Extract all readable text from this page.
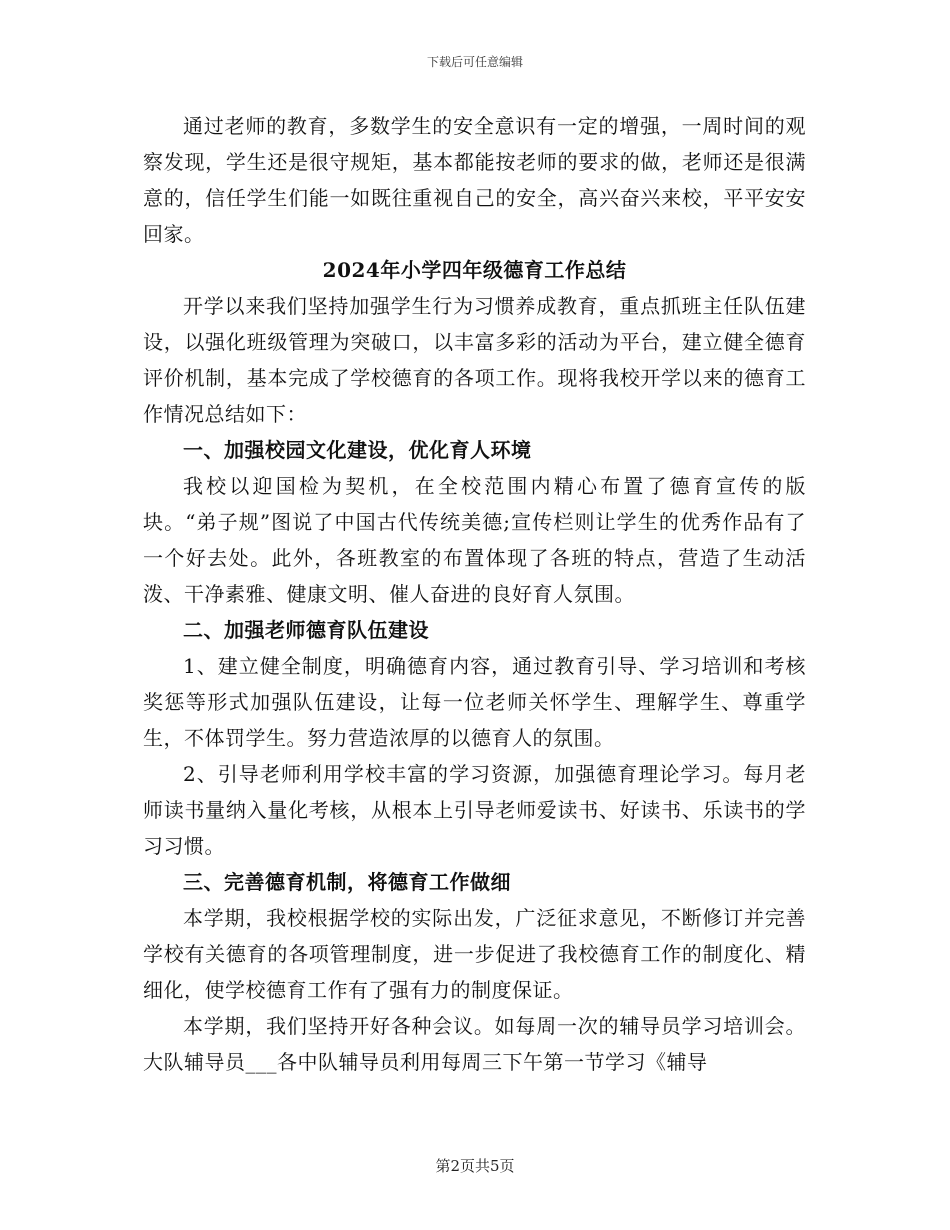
下载后可任意编辑

通过老师的教育，多数学生的安全意识有一定的增强，一周时间的观察发现，学生还是很守规矩，基本都能按老师的要求的做，老师还是很满意的，信任学生们能一如既往重视自己的安全，高兴奋兴来校，平平安安回家。

2024年小学四年级德育工作总结

开学以来我们坚持加强学生行为习惯养成教育，重点抓班主任队伍建设，以强化班级管理为突破口，以丰富多彩的活动为平台，建立健全德育评价机制，基本完成了学校德育的各项工作。现将我校开学以来的德育工作情况总结如下：

一、加强校园文化建设，优化育人环境

我校以迎国检为契机，在全校范围内精心布置了德育宣传的版块。“弟子规”图说了中国古代传统美德;宣传栏则让学生的优秀作品有了一个好去处。此外，各班教室的布置体现了各班的特点，营造了生动活泼、干净素雅、健康文明、催人奋进的良好育人氛围。

二、加强老师德育队伍建设

1、建立健全制度，明确德育内容，通过教育引导、学习培训和考核奖惩等形式加强队伍建设，让每一位老师关怀学生、理解学生、尊重学生，不体罚学生。努力营造浓厚的以德育人的氛围。

2、引导老师利用学校丰富的学习资源，加强德育理论学习。每月老师读书量纳入量化考核，从根本上引导老师爱读书、好读书、乐读书的学习习惯。

三、完善德育机制，将德育工作做细

本学期，我校根据学校的实际出发，广泛征求意见，不断修订并完善学校有关德育的各项管理制度，进一步促进了我校德育工作的制度化、精细化，使学校德育工作有了强有力的制度保证。

本学期，我们坚持开好各种会议。如每周一次的辅导员学习培训会。大队辅导员___各中队辅导员利用每周三下午第一节学习《辅导

第2页共5页
